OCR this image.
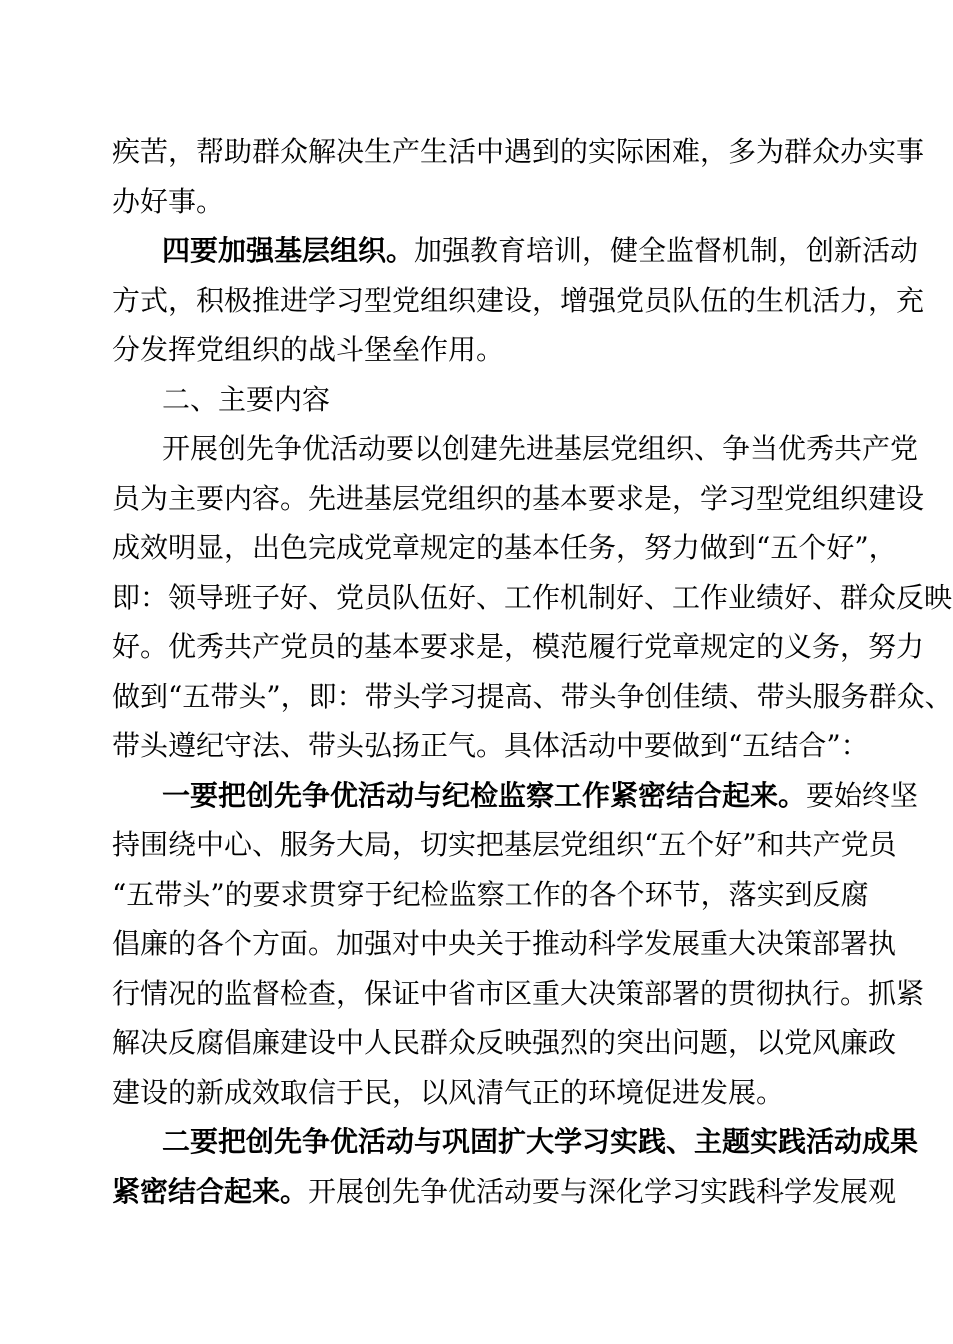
疾苦，帮助群众解决生产生活中遇到的实际困难，多为群众办实事
办好事。
四要加强基层组织。加强教育培训，健全监督机制，创新活动
方式，积极推进学习型党组织建设，增强党员队伍的生机活力，充
分发挥党组织的战斗堡垒作用。
二、主要内容
开展创先争优活动要以创建先进基层党组织、争当优秀共产党
员为主要内容。先进基层党组织的基本要求是，学习型党组织建设
成效明显，出色完成党章规定的基本任务，努力做到“五个好”，
即：领导班子好、党员队伍好、工作机制好、工作业绩好、群众反映
好。优秀共产党员的基本要求是，模范履行党章规定的义务，努力
做到“五带头”，即：带头学习提高、带头争创佳绩、带头服务群众、
带头遵纪守法、带头弘扬正气。具体活动中要做到“五结合”：
一要把创先争优活动与纪检监察工作紧密结合起来。要始终坚
持围绕中心、服务大局，切实把基层党组织“五个好”和共产党员
“五带头”的要求贯穿于纪检监察工作的各个环节，落实到反腐
倡廉的各个方面。加强对中央关于推动科学发展重大决策部署执
行情况的监督检查，保证中省市区重大决策部署的贯彻执行。抓紧
解决反腐倡廉建设中人民群众反映强烈的突出问题，以党风廉政
建设的新成效取信于民，以风清气正的环境促进发展。
二要把创先争优活动与巩固扩大学习实践、主题实践活动成果
紧密结合起来。开展创先争优活动要与深化学习实践科学发展观
